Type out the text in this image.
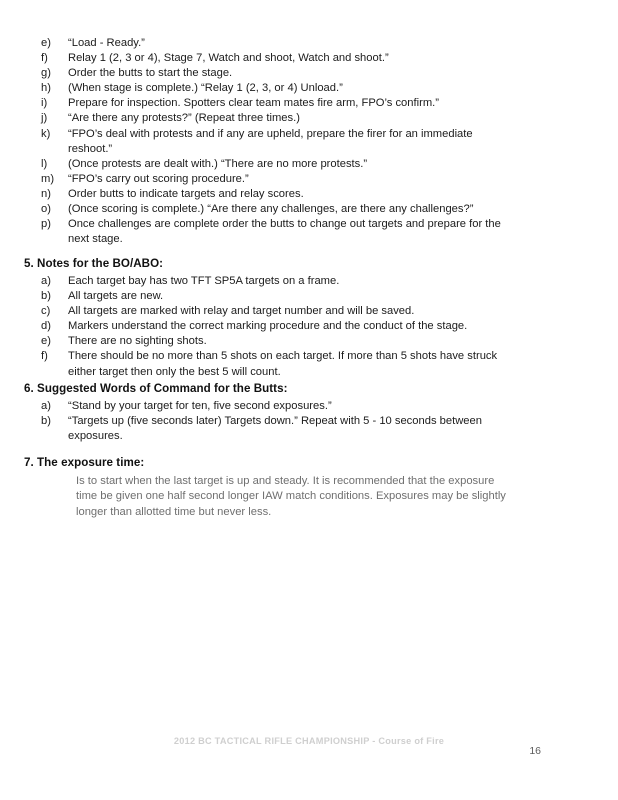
e)	“Load - Ready.”
f)	Relay 1 (2, 3 or 4), Stage 7, Watch and shoot, Watch and shoot.”
g)	Order the butts to start the stage.
h)	(When stage is complete.) “Relay 1 (2, 3, or 4) Unload.”
i)	Prepare for inspection. Spotters clear team mates fire arm, FPO’s confirm.”
j)	“Are there any protests?” (Repeat three times.)
k)	“FPO’s deal with protests and if any are upheld, prepare the firer for an immediate reshoot.”
l)	(Once protests are dealt with.) “There are no more protests.”
m)	“FPO’s carry out scoring procedure.”
n)	Order butts to indicate targets and relay scores.
o)	(Once scoring is complete.) “Are there any challenges, are there any challenges?”
p)	Once challenges are complete order the butts to change out targets and prepare for the next stage.
5. Notes for the BO/ABO:
a)	Each target bay has two TFT SP5A targets on a frame.
b)	All targets are new.
c)	All targets are marked with relay and target number and will be saved.
d)	Markers understand the correct marking procedure and the conduct of the stage.
e)	There are no sighting shots.
f)	There should be no more than 5 shots on each target. If more than 5 shots have struck either target then only the best 5 will count.
6. Suggested Words of Command for the Butts:
a)	“Stand by your target for ten, five second exposures.”
b)	“Targets up (five seconds later) Targets down.” Repeat with 5 - 10 seconds between exposures.
7. The exposure time:
Is to start when the last target is up and steady. It is recommended that the exposure time be given one half second longer IAW match conditions. Exposures may be slightly longer than allotted time but never less.
2012 BC TACTICAL RIFLE CHAMPIONSHIP - Course of Fire
16
